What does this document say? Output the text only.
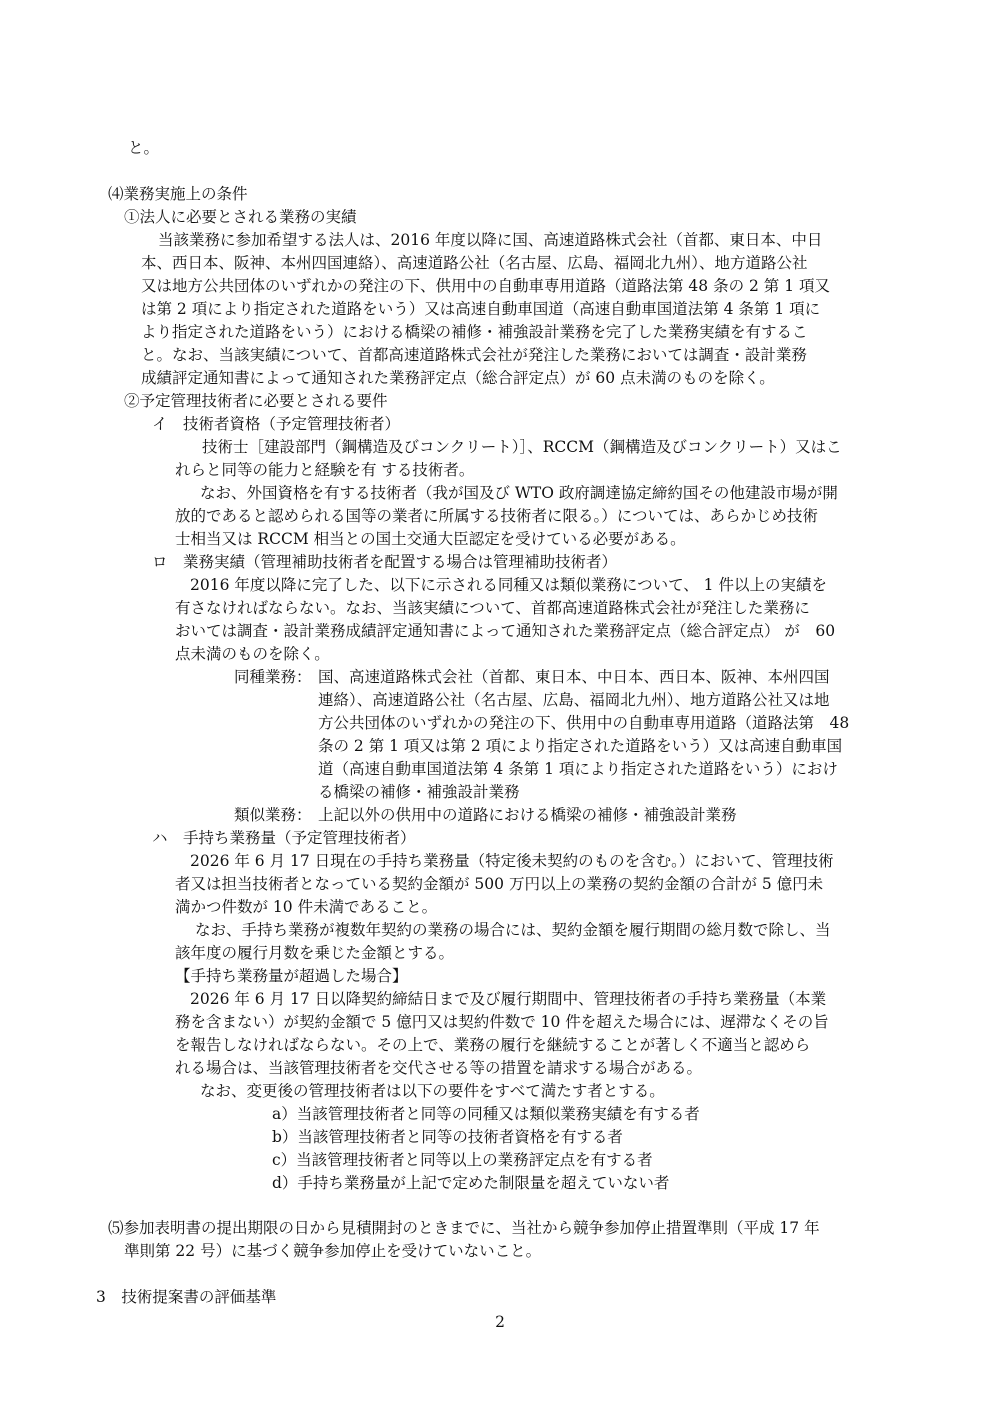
と。
⑷業務実施上の条件
①法人に必要とされる業務の実績
当該業務に参加希望する法人は、2016 年度以降に国、高速道路株式会社（首都、東日本、中日
本、西日本、阪神、本州四国連絡）、高速道路公社（名古屋、広島、福岡北九州）、地方道路公社
又は地方公共団体のいずれかの発注の下、供用中の自動車専用道路（道路法第 48 条の 2 第 1 項又
は第 2 項により指定された道路をいう）又は高速自動車国道（高速自動車国道法第 4 条第 1 項に
より指定された道路をいう）における橋梁の補修・補強設計業務を完了した業務実績を有するこ
と。なお、当該実績について、首都高速道路株式会社が発注した業務においては調査・設計業務
成績評定通知書によって通知された業務評定点（総合評定点）が 60 点未満のものを除く。
②予定管理技術者に必要とされる要件
イ　技術者資格（予定管理技術者）
技術士［建設部門（鋼構造及びコンクリート）］、RCCM（鋼構造及びコンクリート）又はこ
れらと同等の能力と経験を有 する技術者。
なお、外国資格を有する技術者（我が国及び WTO 政府調達協定締約国その他建設市場が開
放的であると認められる国等の業者に所属する技術者に限る。）については、あらかじめ技術
士相当又は RCCM 相当との国土交通大臣認定を受けている必要がある。
ロ　業務実績（管理補助技術者を配置する場合は管理補助技術者）
2016 年度以降に完了した、以下に示される同種又は類似業務について、 1 件以上の実績を
有さなければならない。なお、当該実績について、首都高速道路株式会社が発注した業務に
おいては調査・設計業務成績評定通知書によって通知された業務評定点（総合評定点） が　60
点未満のものを除く。
同種業務： 国、高速道路株式会社（首都、東日本、中日本、西日本、阪神、本州四国
連絡）、高速道路公社（名古屋、広島、福岡北九州）、地方道路公社又は地
方公共団体のいずれかの発注の下、供用中の自動車専用道路（道路法第　48
条の 2 第 1 項又は第 2 項により指定された道路をいう）又は高速自動車国
道（高速自動車国道法第 4 条第 1 項により指定された道路をいう）におけ
る橋梁の補修・補強設計業務
類似業務： 上記以外の供用中の道路における橋梁の補修・補強設計業務
ハ　手持ち業務量（予定管理技術者）
2026 年 6 月 17 日現在の手持ち業務量（特定後未契約のものを含む。）において、管理技術
者又は担当技術者となっている契約金額が 500 万円以上の業務の契約金額の合計が 5 億円未
満かつ件数が 10 件未満であること。
なお、手持ち業務が複数年契約の業務の場合には、契約金額を履行期間の総月数で除し、当
該年度の履行月数を乗じた金額とする。
【手持ち業務量が超過した場合】
2026 年 6 月 17 日以降契約締結日まで及び履行期間中、管理技術者の手持ち業務量（本業
務を含まない）が契約金額で 5 億円又は契約件数で 10 件を超えた場合には、遅滞なくその旨
を報告しなければならない。その上で、業務の履行を継続することが著しく不適当と認めら
れる場合は、当該管理技術者を交代させる等の措置を請求する場合がある。
なお、変更後の管理技術者は以下の要件をすべて満たす者とする。
a）当該管理技術者と同等の同種又は類似業務実績を有する者
b）当該管理技術者と同等の技術者資格を有する者
c）当該管理技術者と同等以上の業務評定点を有する者
d）手持ち業務量が上記で定めた制限量を超えていない者
⑸参加表明書の提出期限の日から見積開封のときまでに、当社から競争参加停止措置準則（平成 17 年
準則第 22 号）に基づく競争参加停止を受けていないこと。
3　技術提案書の評価基準
2
